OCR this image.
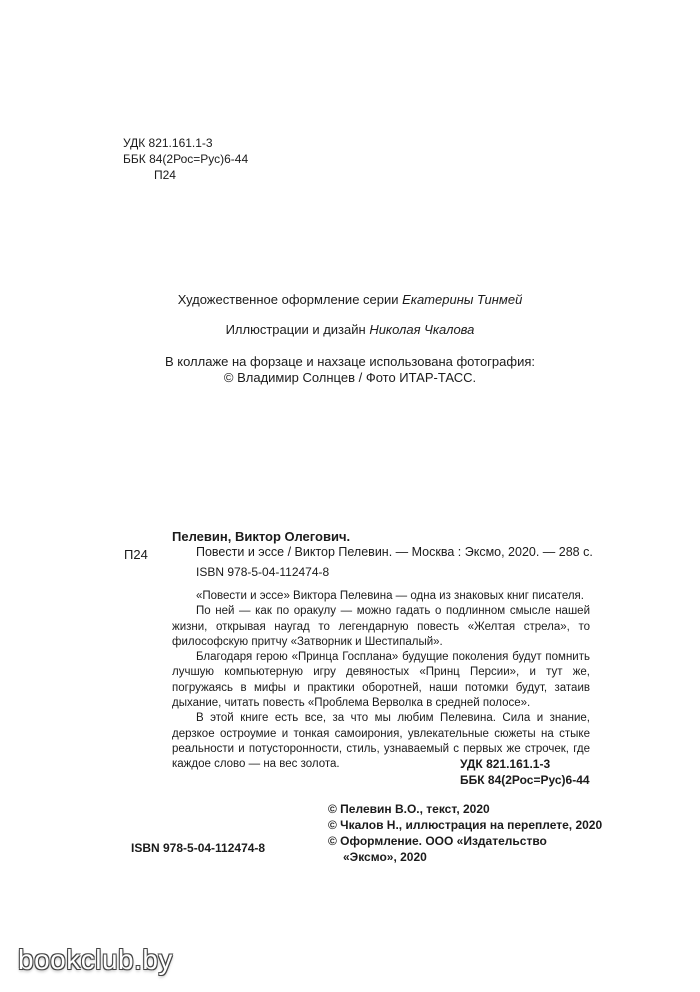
УДК 821.161.1-3
ББК 84(2Рос=Рус)6-44
П24
Художественное оформление серии Екатерины Тинмей
Иллюстрации и дизайн Николая Чкалова
В коллаже на форзаце и нахзаце использована фотография:
© Владимир Солнцев / Фото ИТАР-ТАСС.
Пелевин, Виктор Олегович.
П24	Повести и эссе / Виктор Пелевин. — Москва : Эксмо, 2020. — 288 с.
ISBN 978-5-04-112474-8

«Повести и эссе» Виктора Пелевина — одна из знаковых книг писателя.

По ней — как по оракулу — можно гадать о подлинном смысле нашей жизни, открывая наугад то легендарную повесть «Желтая стрела», то философскую притчу «Затворник и Шестипалый».

Благодаря герою «Принца Госплана» будущие поколения будут помнить лучшую компьютерную игру девяностых «Принц Персии», и тут же, погружаясь в мифы и практики оборотней, наши потомки будут, затаив дыхание, читать повесть «Проблема Верволка в средней полосе».

В этой книге есть все, за что мы любим Пелевина. Сила и знание, дерзкое остроумие и тонкая самоирония, увлекательные сюжеты на стыке реальности и потусторонности, стиль, узнаваемый с первых же строчек, где каждое слово — на вес золота.	УДК 821.161.1-3
ББК 84(2Рос=Рус)6-44
© Пелевин В.О., текст, 2020
© Чкалов Н., иллюстрация на переплете, 2020
© Оформление. ООО «Издательство
ISBN 978-5-04-112474-8
«Эксмо», 2020
bookclub.by
